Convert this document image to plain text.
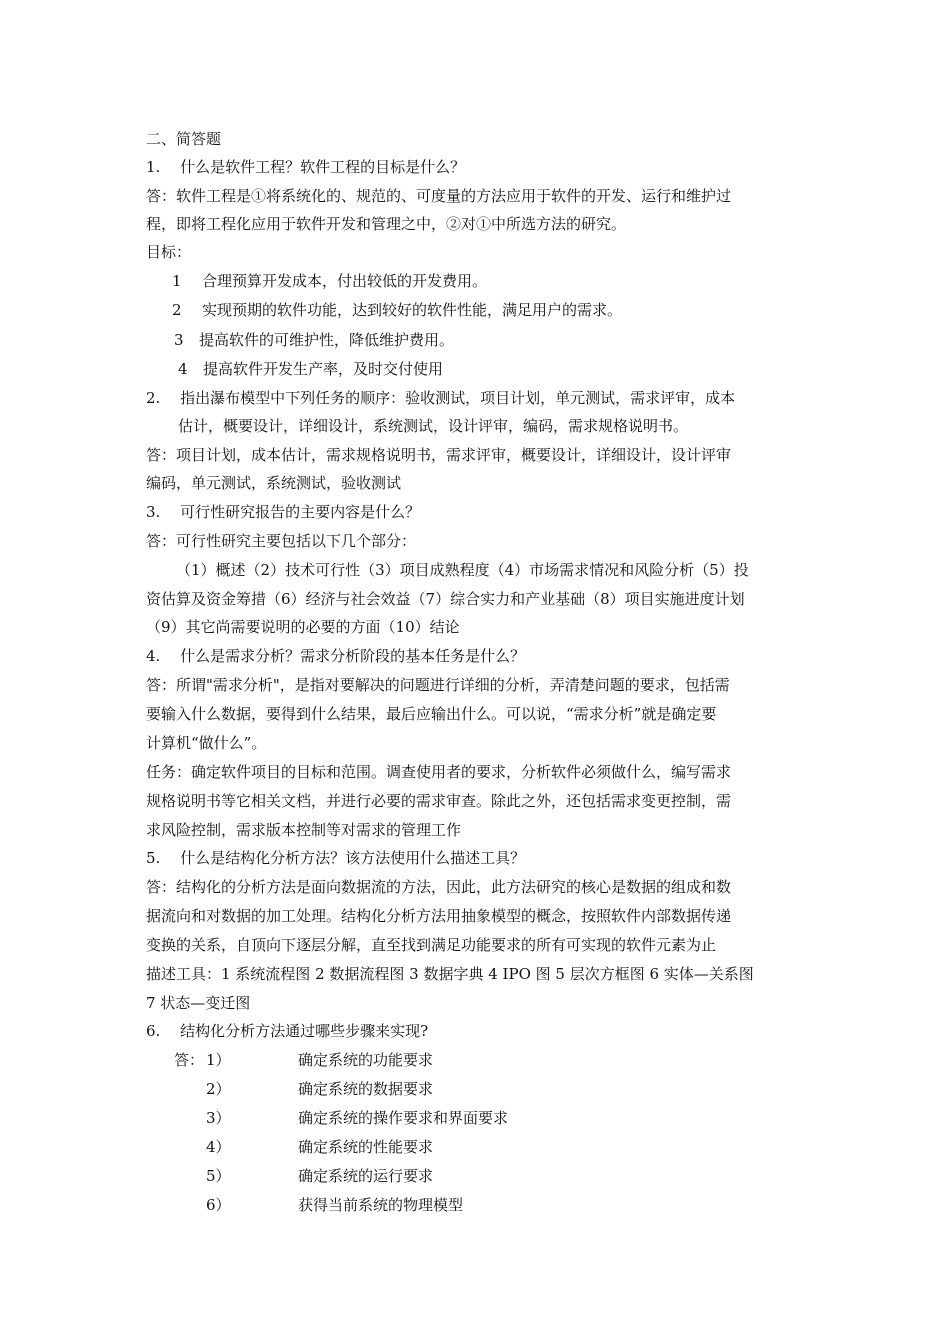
二、简答题
1.　 什么是软件工程？软件工程的目标是什么？
答：软件工程是①将系统化的、规范的、可度量的方法应用于软件的开发、运行和维护过
程，即将工程化应用于软件开发和管理之中，②对①中所选方法的研究。
目标：
1 合理预算开发成本，付出较低的开发费用。
2 实现预期的软件功能，达到较好的软件性能，满足用户的需求。
3 提高软件的可维护性，降低维护费用。
4 提高软件开发生产率，及时交付使用
2.　 指出瀑布模型中下列任务的顺序：验收测试，项目计划，单元测试，需求评审，成本
估计，概要设计，详细设计，系统测试，设计评审，编码，需求规格说明书。
答：项目计划，成本估计，需求规格说明书，需求评审，概要设计，详细设计，设计评审
编码，单元测试，系统测试，验收测试
3.　 可行性研究报告的主要内容是什么？
答：可行性研究主要包括以下几个部分：
（1）概述（2）技术可行性（3）项目成熟程度（4）市场需求情况和风险分析（5）投
资估算及资金筹措（6）经济与社会效益（7）综合实力和产业基础（8）项目实施进度计划
（9）其它尚需要说明的必要的方面（10）结论
4.　 什么是需求分析？需求分析阶段的基本任务是什么？
答：所谓"需求分析"，是指对要解决的问题进行详细的分析，弄清楚问题的要求，包括需
要输入什么数据，要得到什么结果，最后应输出什么。可以说，“需求分析”就是确定要
计算机“做什么”。
任务：确定软件项目的目标和范围。调查使用者的要求，分析软件必须做什么，编写需求
规格说明书等它相关文档，并进行必要的需求审查。除此之外，还包括需求变更控制，需
求风险控制，需求版本控制等对需求的管理工作
5.　 什么是结构化分析方法？该方法使用什么描述工具？
答：结构化的分析方法是面向数据流的方法，因此，此方法研究的核心是数据的组成和数
据流向和对数据的加工处理。结构化分析方法用抽象模型的概念，按照软件内部数据传递
变换的关系，自顶向下逐层分解，直至找到满足功能要求的所有可实现的软件元素为止
描述工具：1 系统流程图 2 数据流程图 3 数据字典 4 IPO 图 5 层次方框图 6 实体—关系图
7 状态—变迁图
6.　 结构化分析方法通过哪些步骤来实现?
答： 1）	确定系统的功能要求
2）	确定系统的数据要求
3）	确定系统的操作要求和界面要求
4）	确定系统的性能要求
5）	确定系统的运行要求
6）	获得当前系统的物理模型
